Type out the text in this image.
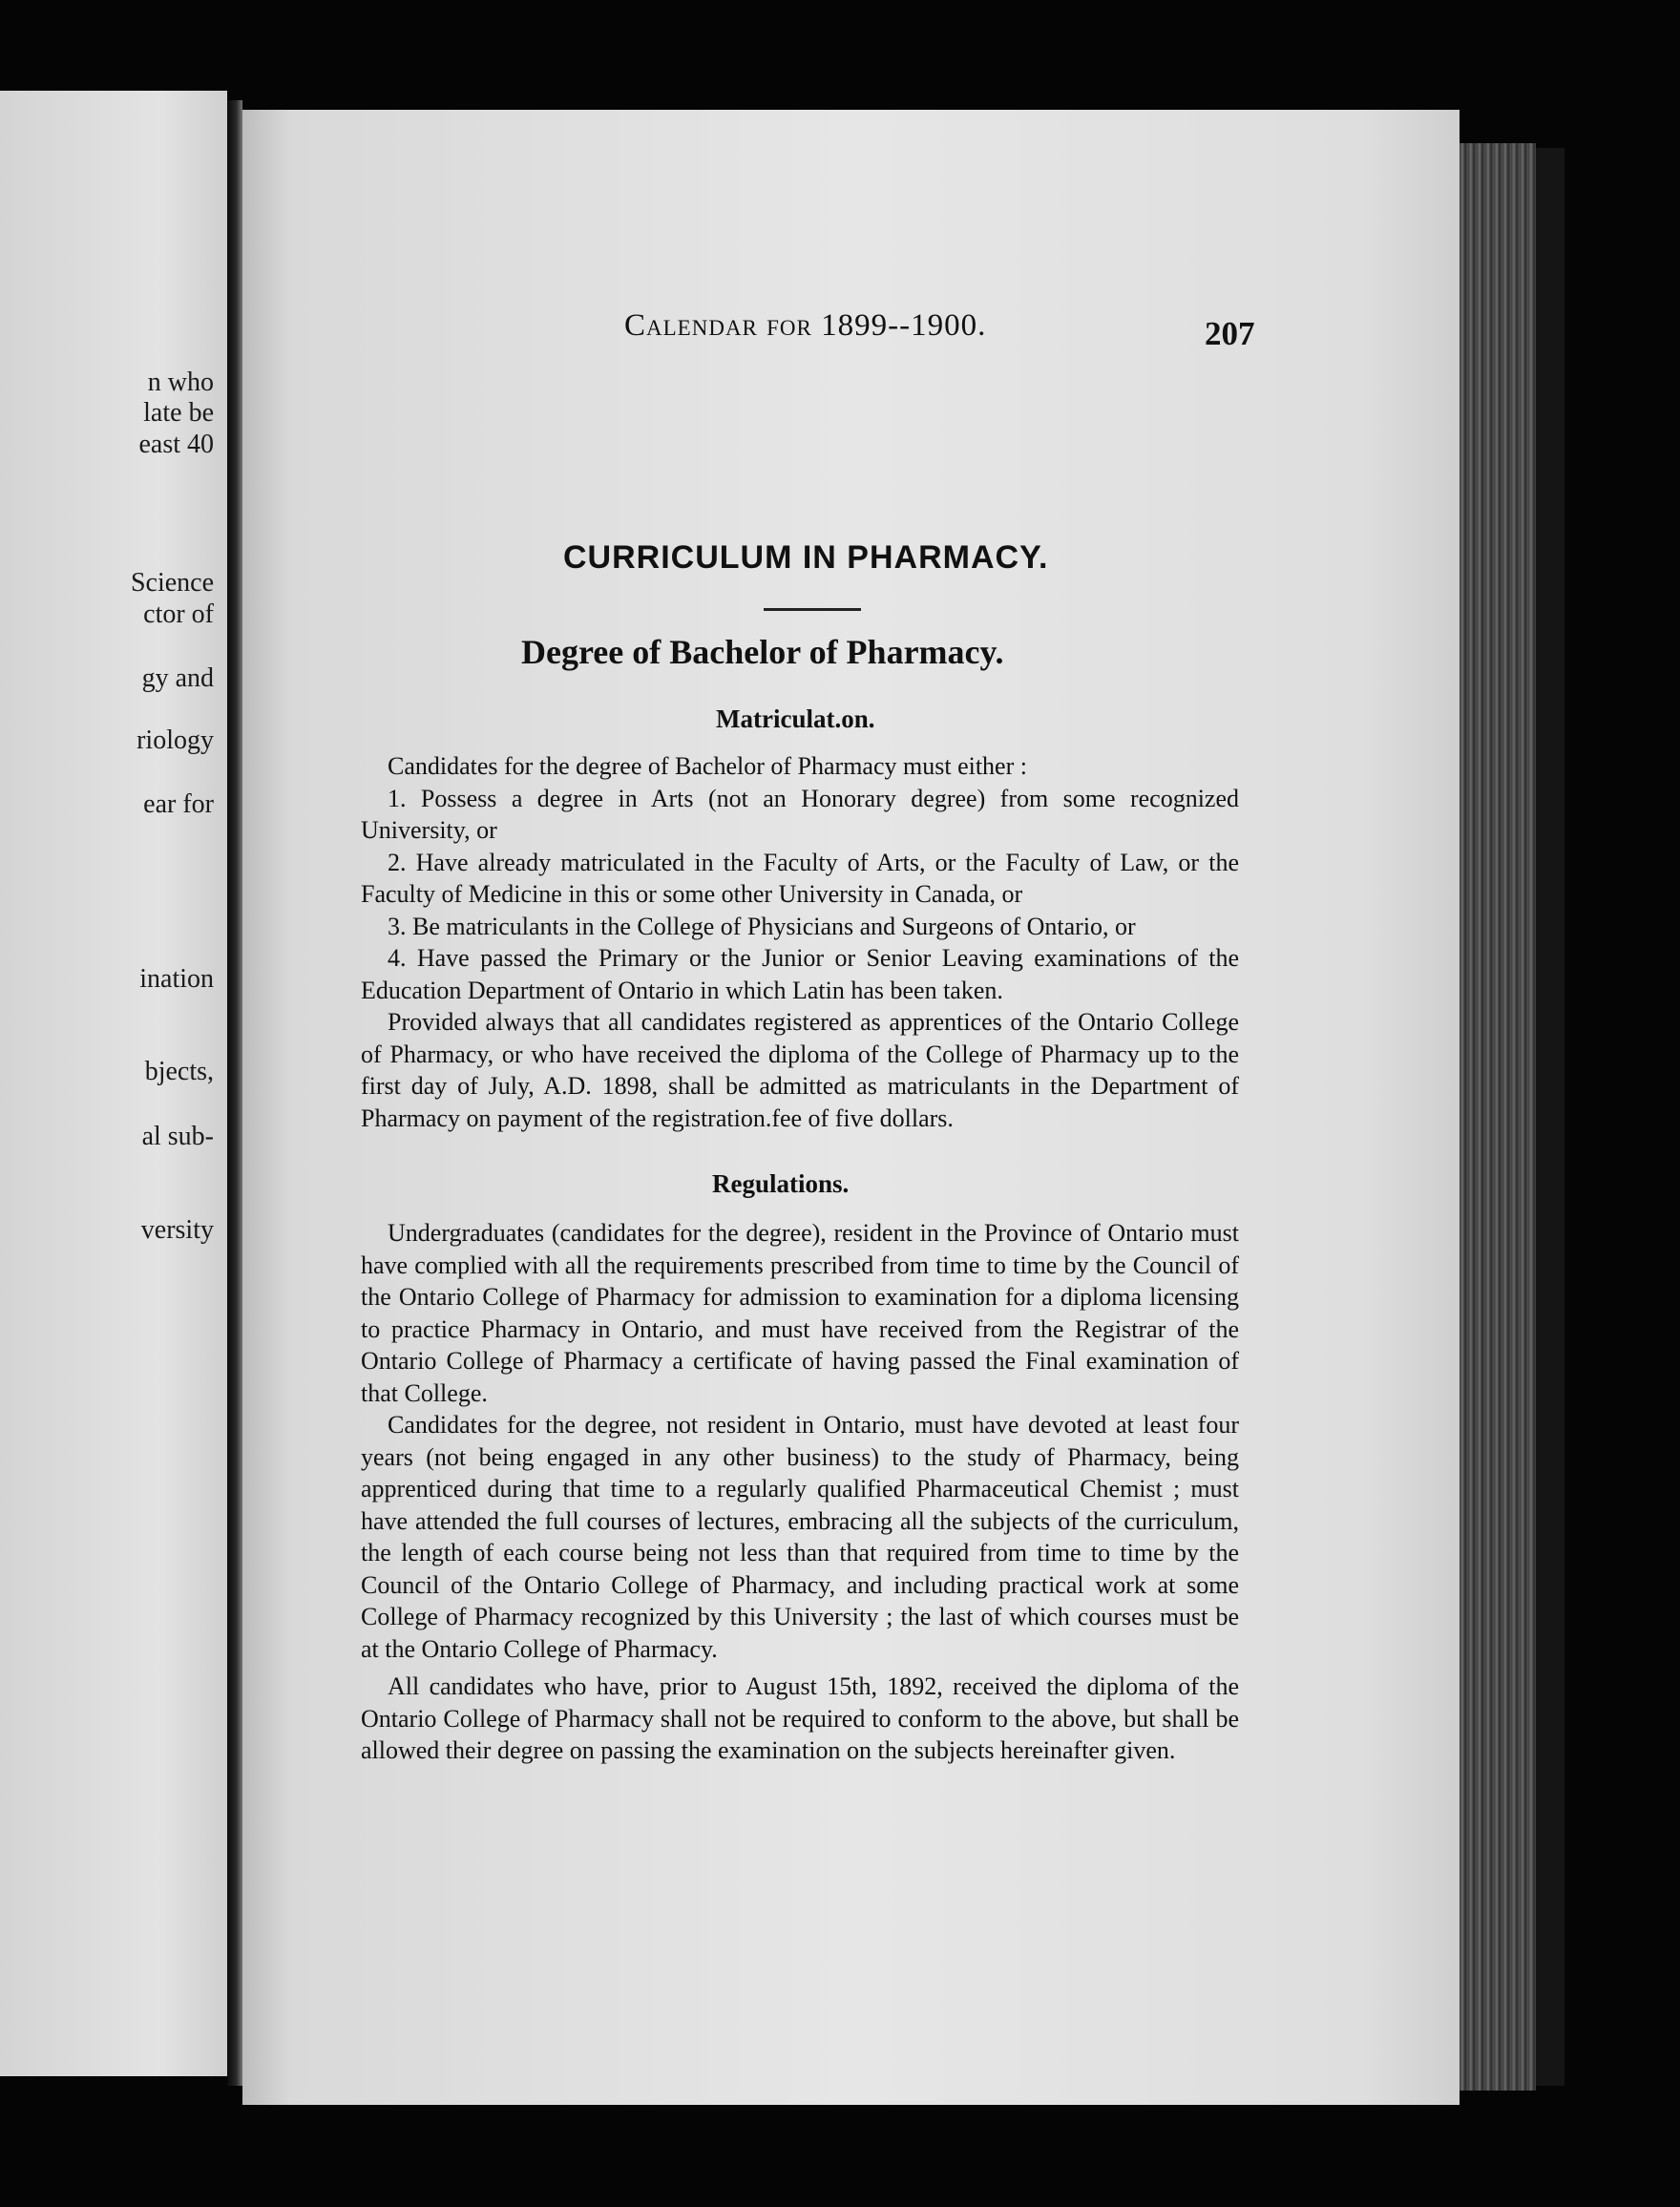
n who
late be
east 40
Science
ctor of
gy and
riology
ear for
ination
bjects,
al sub-
versity
Calendar for 1899--1900.	207
CURRICULUM IN PHARMACY.
Degree of Bachelor of Pharmacy.
Matriculat.on.

Candidates for the degree of Bachelor of Pharmacy must either :

1. Possess a degree in Arts (not an Honorary degree) from some recognized University, or

2. Have already matriculated in the Faculty of Arts, or the Faculty of Law, or the Faculty of Medicine in this or some other University in Canada, or

3. Be matriculants in the College of Physicians and Surgeons of Ontario, or

4. Have passed the Primary or the Junior or Senior Leaving examinations of the Education Department of Ontario in which Latin has been taken.

Provided always that all candidates registered as apprentices of the Ontario College of Pharmacy, or who have received the diploma of the College of Pharmacy up to the first day of July, A.D. 1898, shall be admitted as matriculants in the Department of Pharmacy on payment of the registration.fee of five dollars.

Regulations.

Undergraduates (candidates for the degree), resident in the Province of Ontario must have complied with all the requirements prescribed from time to time by the Council of the Ontario College of Pharmacy for admission to examination for a diploma licensing to practice Pharmacy in Ontario, and must have received from the Registrar of the Ontario College of Pharmacy a certificate of having passed the Final examination of that College.

Candidates for the degree, not resident in Ontario, must have devoted at least four years (not being engaged in any other business) to the study of Pharmacy, being apprenticed during that time to a regularly qualified Pharmaceutical Chemist ; must have attended the full courses of lectures, embracing all the subjects of the curriculum, the length of each course being not less than that required from time to time by the Council of the Ontario College of Pharmacy, and including practical work at some College of Pharmacy recognized by this University ; the last of which courses must be at the Ontario College of Pharmacy.

All candidates who have, prior to August 15th, 1892, received the diploma of the Ontario College of Pharmacy shall not be required to conform to the above, but shall be allowed their degree on passing the examination on the subjects hereinafter given.
